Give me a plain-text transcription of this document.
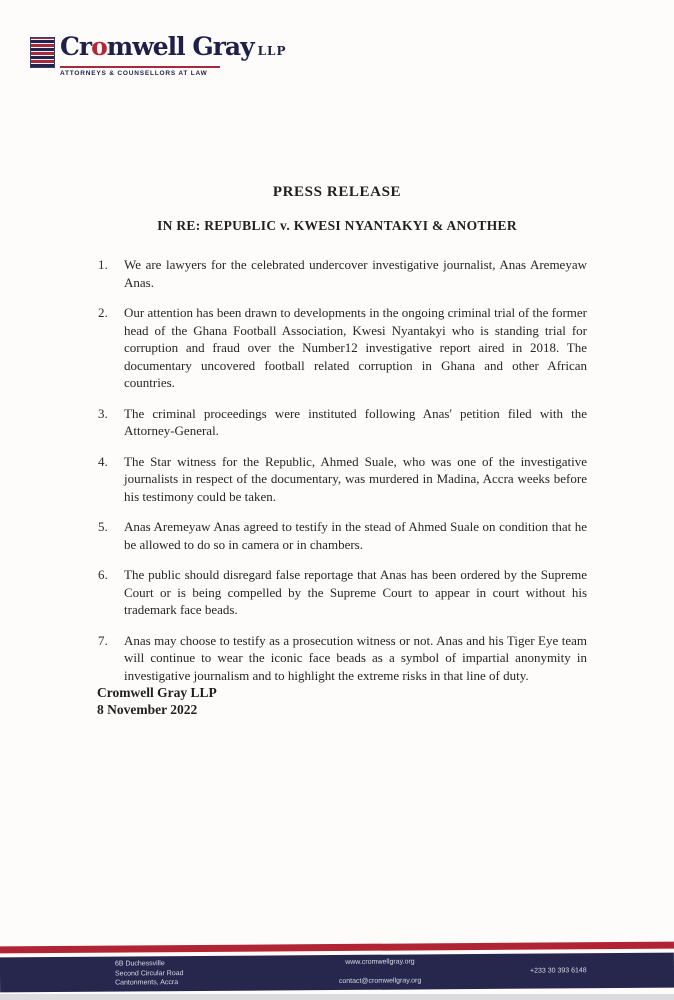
Cromwell Gray LLP
ATTORNEYS & COUNSELLORS AT LAW
PRESS RELEASE
IN RE: REPUBLIC v. KWESI NYANTAKYI & ANOTHER
1.	We are lawyers for the celebrated undercover investigative journalist, Anas Aremeyaw Anas.
2.	Our attention has been drawn to developments in the ongoing criminal trial of the former head of the Ghana Football Association, Kwesi Nyantakyi who is standing trial for corruption and fraud over the Number12 investigative report aired in 2018. The documentary uncovered football related corruption in Ghana and other African countries.
3.	The criminal proceedings were instituted following Anas' petition filed with the Attorney-General.
4.	The Star witness for the Republic, Ahmed Suale, who was one of the investigative journalists in respect of the documentary, was murdered in Madina, Accra weeks before his testimony could be taken.
5.	Anas Aremeyaw Anas agreed to testify in the stead of Ahmed Suale on condition that he be allowed to do so in camera or in chambers.
6.	The public should disregard false reportage that Anas has been ordered by the Supreme Court or is being compelled by the Supreme Court to appear in court without his trademark face beads.
7.	Anas may choose to testify as a prosecution witness or not. Anas and his Tiger Eye team will continue to wear the iconic face beads as a symbol of impartial anonymity in investigative journalism and to highlight the extreme risks in that line of duty.
Cromwell Gray LLP
8 November 2022
6B Duchessville
Second Circular Road
Cantonments, Accra

www.cromwellgray.org

contact@cromwellgray.org

+233 30 393 6148
